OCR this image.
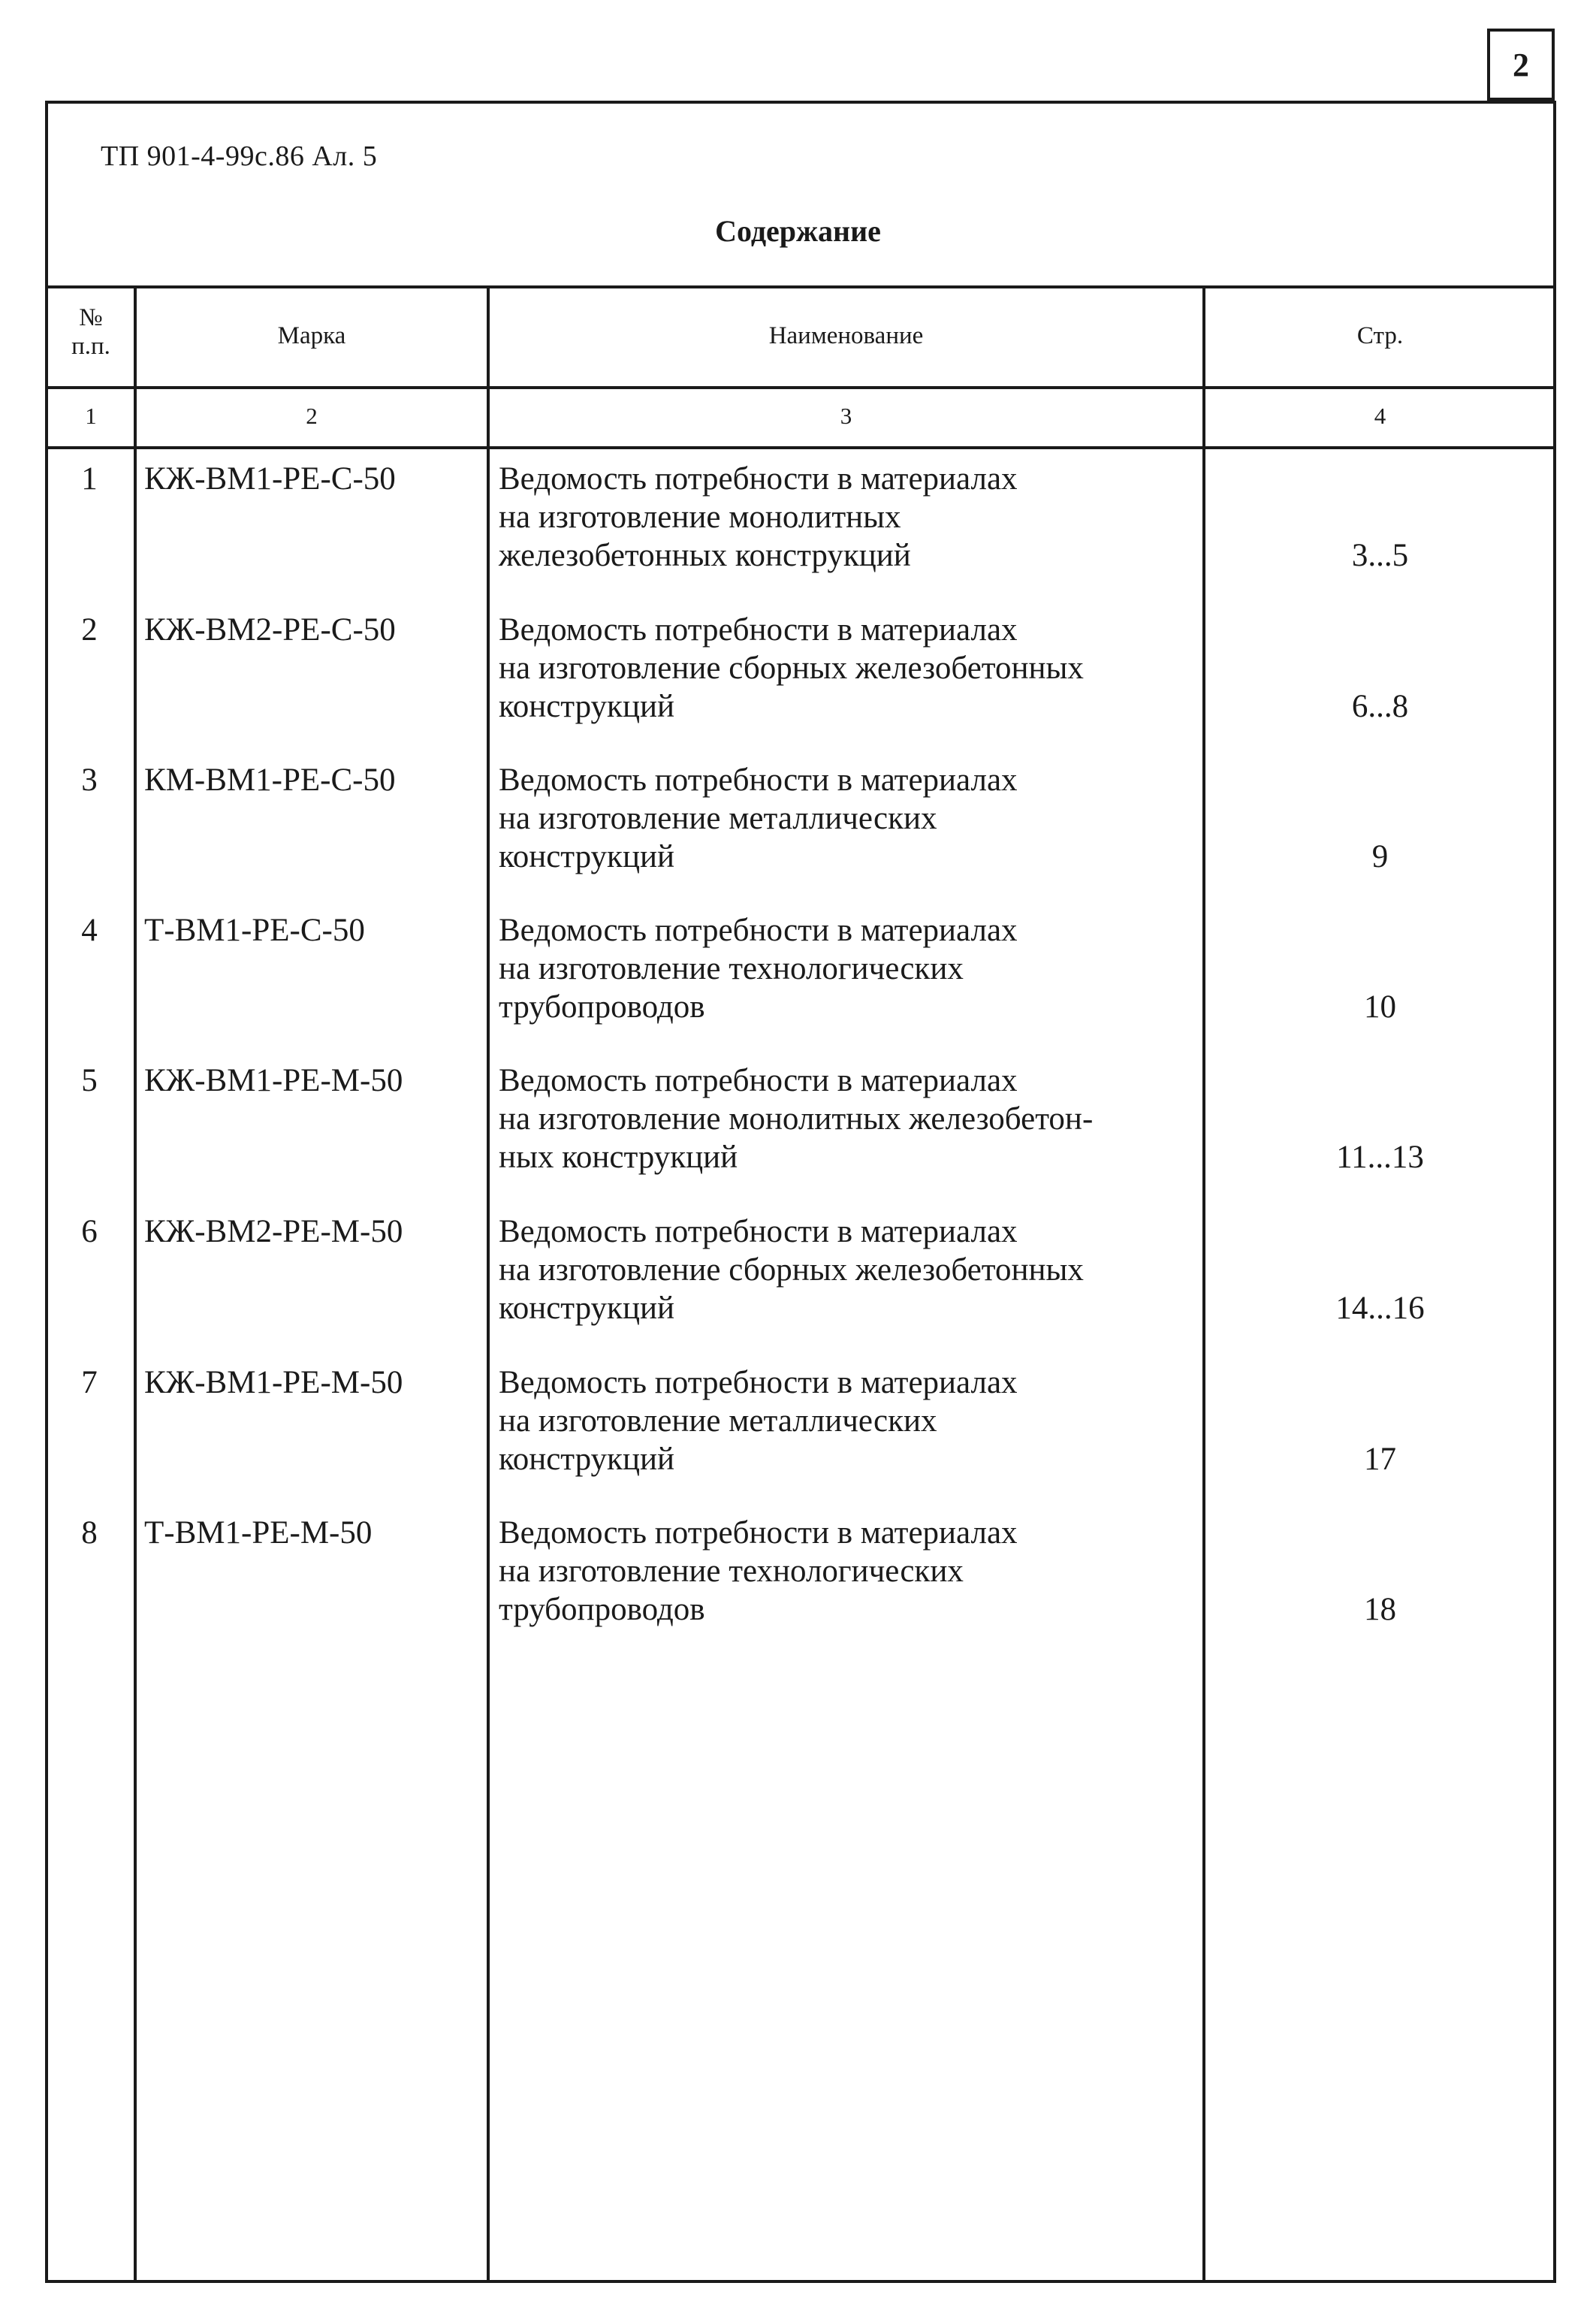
2
ТП 901-4-99с.86 Ал. 5
Содержание
№
п.п.	Марка	Наименование	Стр.
1	2	3	4
1	КЖ-ВМ1-РЕ-С-50	Ведомость потребности в материалах
на изготовление монолитных
железобетонных конструкций	3...5
2	КЖ-ВМ2-РЕ-С-50	Ведомость потребности в материалах
на изготовление сборных железобетонных
конструкций	6...8
3	КМ-ВМ1-РЕ-С-50	Ведомость потребности в материалах
на изготовление металлических
конструкций	9
4	Т-ВМ1-РЕ-С-50	Ведомость потребности в материалах
на изготовление технологических
трубопроводов	10
5	КЖ-ВМ1-РЕ-М-50	Ведомость потребности в материалах
на изготовление монолитных железобетон-
ных конструкций	11...13
6	КЖ-ВМ2-РЕ-М-50	Ведомость потребности в материалах
на изготовление сборных железобетонных
конструкций	14...16
7	КЖ-ВМ1-РЕ-М-50	Ведомость потребности в материалах
на изготовление металлических
конструкций	17
8	Т-ВМ1-РЕ-М-50	Ведомость потребности в материалах
на изготовление технологических
трубопроводов	18
